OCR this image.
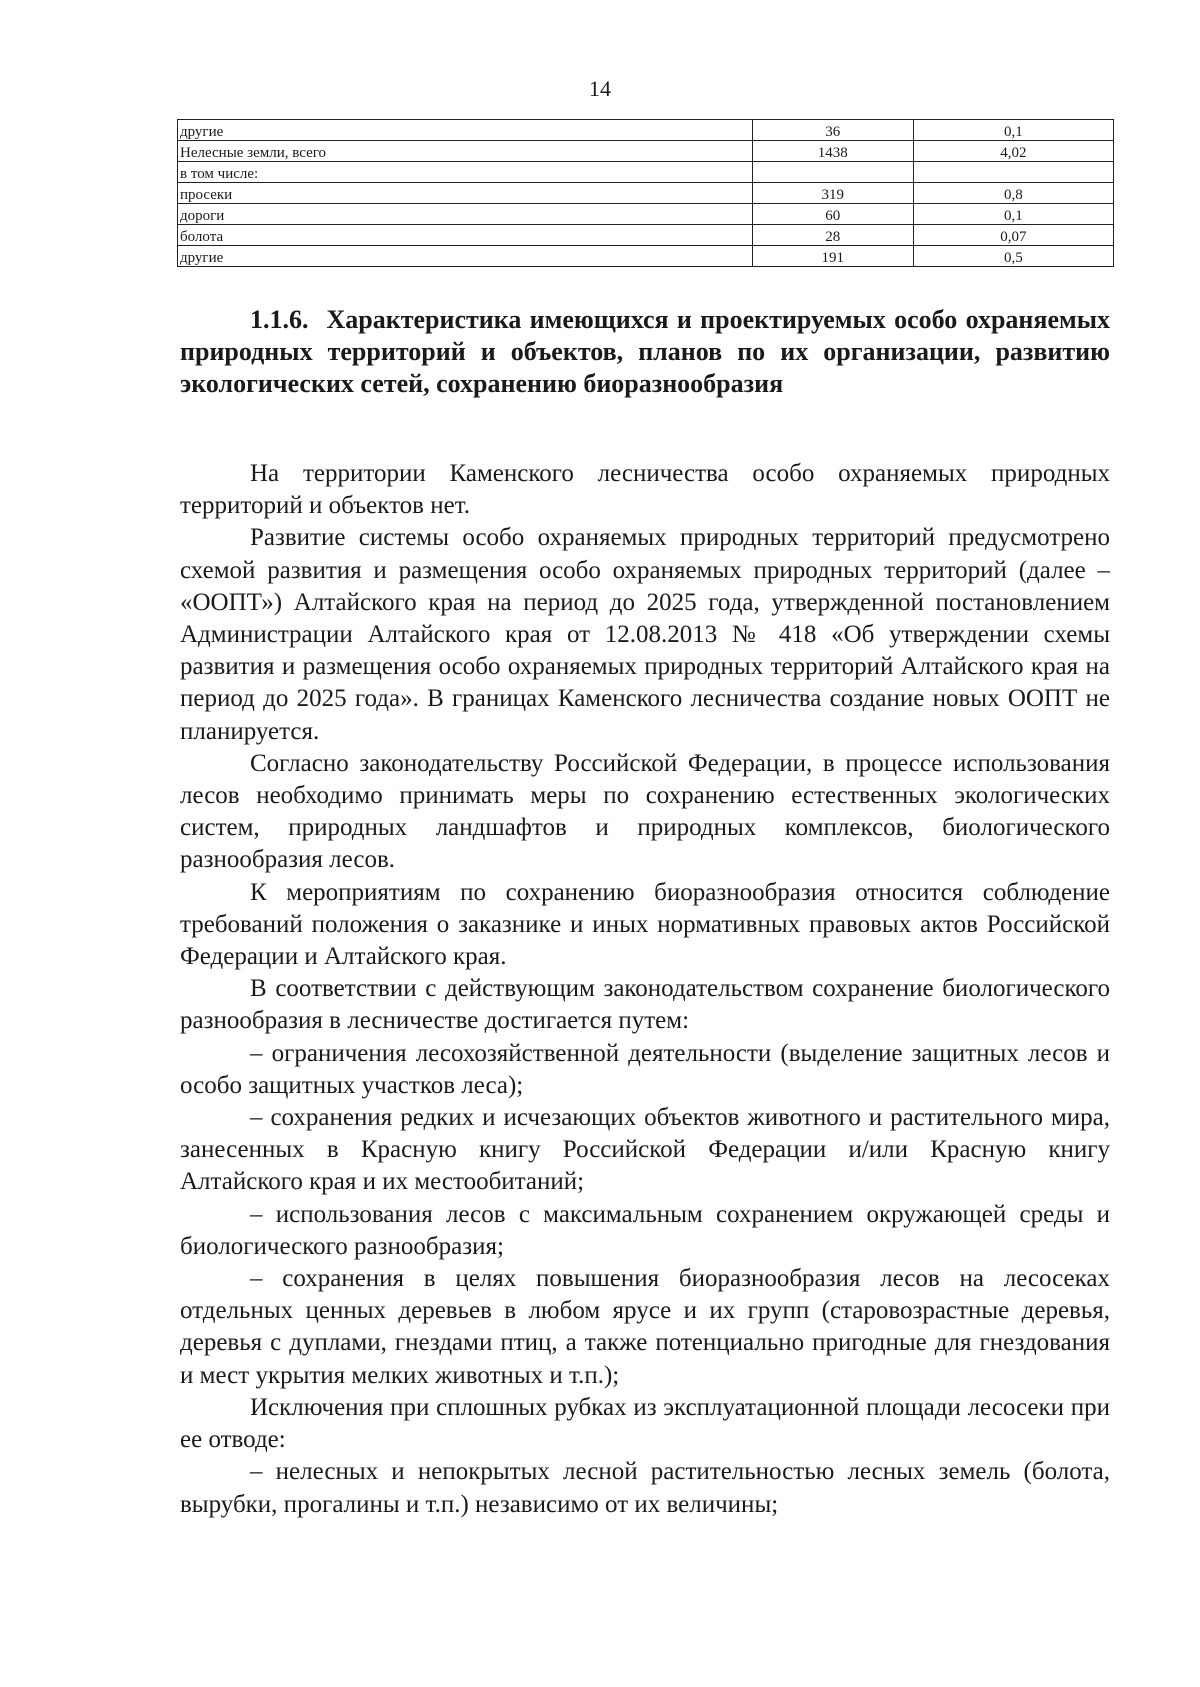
14
другие	36	0,1
Нелесные земли, всего	1438	4,02
в том числе:		
просеки	319	0,8
дороги	60	0,1
болота	28	0,07
другие	191	0,5
1.1.6. Характеристика имеющихся и проектируемых особо охраняемых природных территорий и объектов, планов по их организации, развитию экологических сетей, сохранению биоразнообразия

На территории Каменского лесничества особо охраняемых природных территорий и объектов нет.

Развитие системы особо охраняемых природных территорий предусмотрено схемой развития и размещения особо охраняемых природных территорий (далее – «ООПТ») Алтайского края на период до 2025 года, утвержденной постановлением Администрации Алтайского края от 12.08.2013 № 418 «Об утверждении схемы развития и размещения особо охраняемых природных территорий Алтайского края на период до 2025 года». В границах Каменского лесничества создание новых ООПТ не планируется.

Согласно законодательству Российской Федерации, в процессе использования лесов необходимо принимать меры по сохранению естественных экологических систем, природных ландшафтов и природных комплексов, биологического разнообразия лесов.

К мероприятиям по сохранению биоразнообразия относится соблюдение требований положения о заказнике и иных нормативных правовых актов Российской Федерации и Алтайского края.

В соответствии с действующим законодательством сохранение биологического разнообразия в лесничестве достигается путем:

– ограничения лесохозяйственной деятельности (выделение защитных лесов и особо защитных участков леса);

– сохранения редких и исчезающих объектов животного и растительного мира, занесенных в Красную книгу Российской Федерации и/или Красную книгу Алтайского края и их местообитаний;

– использования лесов с максимальным сохранением окружающей среды и биологического разнообразия;

– сохранения в целях повышения биоразнообразия лесов на лесосеках отдельных ценных деревьев в любом ярусе и их групп (старовозрастные деревья, деревья с дуплами, гнездами птиц, а также потенциально пригодные для гнездования и мест укрытия мелких животных и т.п.);

Исключения при сплошных рубках из эксплуатационной площади лесосеки при ее отводе:

– нелесных и непокрытых лесной растительностью лесных земель (болота, вырубки, прогалины и т.п.) независимо от их величины;
